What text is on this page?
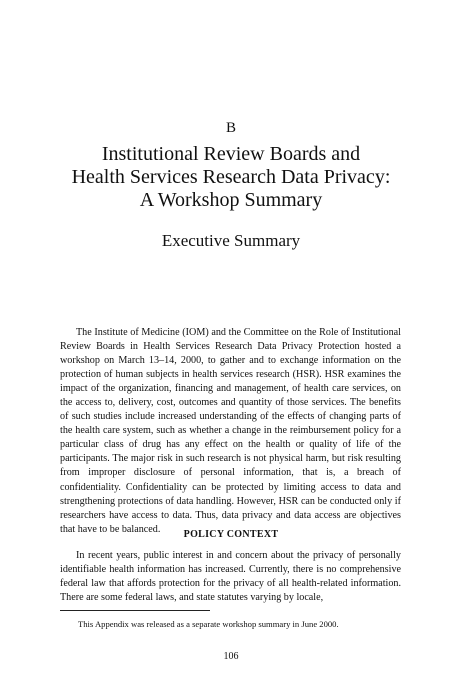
B
Institutional Review Boards and
Health Services Research Data Privacy:
A Workshop Summary
Executive Summary

The Institute of Medicine (IOM) and the Committee on the Role of Institutional Review Boards in Health Services Research Data Privacy Protection hosted a workshop on March 13–14, 2000, to gather and to exchange information on the protection of human subjects in health services research (HSR). HSR examines the impact of the organization, financing and management, of health care services, on the access to, delivery, cost, outcomes and quantity of those services. The benefits of such studies include increased understanding of the effects of changing parts of the health care system, such as whether a change in the reimbursement policy for a particular class of drug has any effect on the health or quality of life of the participants. The major risk in such research is not physical harm, but risk resulting from improper disclosure of personal information, that is, a breach of confidentiality. Confidentiality can be protected by limiting access to data and strengthening protections of data handling. However, HSR can be conducted only if researchers have access to data. Thus, data privacy and data access are objectives that have to be balanced.	POLICY CONTEXT

In recent years, public interest in and concern about the privacy of personally identifiable health information has increased. Currently, there is no comprehensive federal law that affords protection for the privacy of all health-related information. There are some federal laws, and state statutes varying by locale,

This Appendix was released as a separate workshop summary in June 2000.
106
